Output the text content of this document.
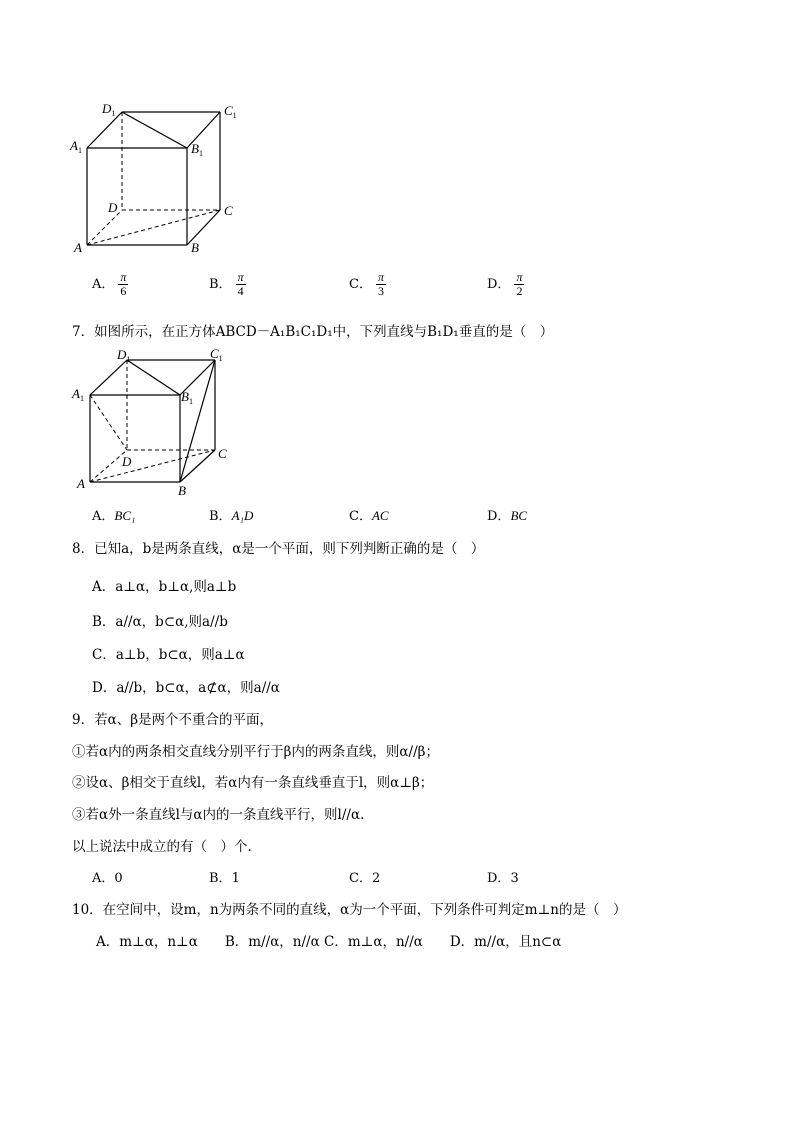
$D_1$	$C_1$
$A_1$	$B_1$
D	C
A	B
A． $\frac{\pi}{6}$	B． $\frac{\pi}{4}$	C． $\frac{\pi}{3}$	D． $\frac{\pi}{2}$
7．如图所示，在正方体ABCD－A₁B₁C₁D₁中，下列直线与B₁D₁垂直的是（　）
$D_1$	$C_1$
$A_1$	$B_1$
D
C
A	B
A．BC₁	B．A₁D	C．AC	D．BC
8．已知a，b是两条直线，α是一个平面，则下列判断正确的是（　）
A．a⊥α，b⊥α,则a⊥b
B．a//α，b⊂α,则a//b
C．a⊥b，b⊂α，则a⊥α
D．a//b，b⊂α，a⊄α，则a//α
9．若α、β是两个不重合的平面，
①若α内的两条相交直线分别平行于β内的两条直线，则α//β；
②设α、β相交于直线l，若α内有一条直线垂直于l，则α⊥β；
③若α外一条直线l与α内的一条直线平行，则l//α.
以上说法中成立的有（　）个.
A．0	B．1	C．2	D．3
10．在空间中，设m，n为两条不同的直线，α为一个平面，下列条件可判定m⊥n的是（　）
A．m⊥α，n⊥α　　B．m//α，n//α C．m⊥α，n//α　　D．m//α，且n⊂α
